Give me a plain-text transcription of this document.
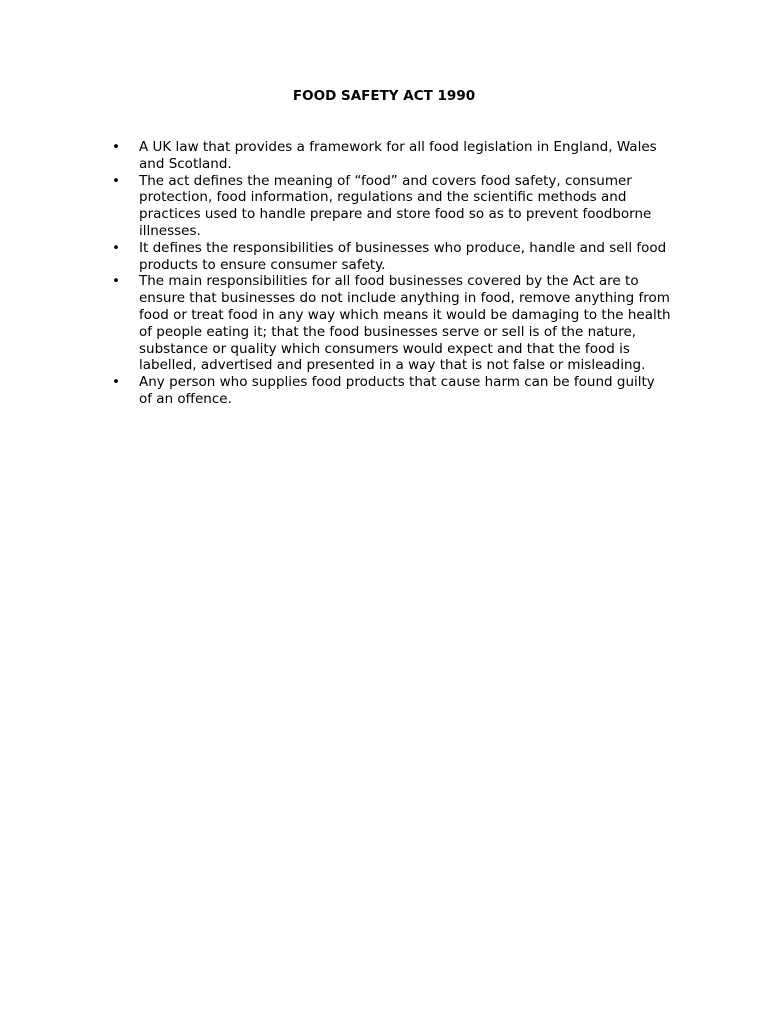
FOOD SAFETY ACT 1990
• A UK law that provides a framework for all food legislation in England, Wales and Scotland.
• The act defines the meaning of “food” and covers food safety, consumer protection, food information, regulations and the scientific methods and practices used to handle prepare and store food so as to prevent foodborne illnesses.
• It defines the responsibilities of businesses who produce, handle and sell food products to ensure consumer safety.
• The main responsibilities for all food businesses covered by the Act are to ensure that businesses do not include anything in food, remove anything from food or treat food in any way which means it would be damaging to the health of people eating it; that the food businesses serve or sell is of the nature, substance or quality which consumers would expect and that the food is labelled, advertised and presented in a way that is not false or misleading.
• Any person who supplies food products that cause harm can be found guilty of an offence.
